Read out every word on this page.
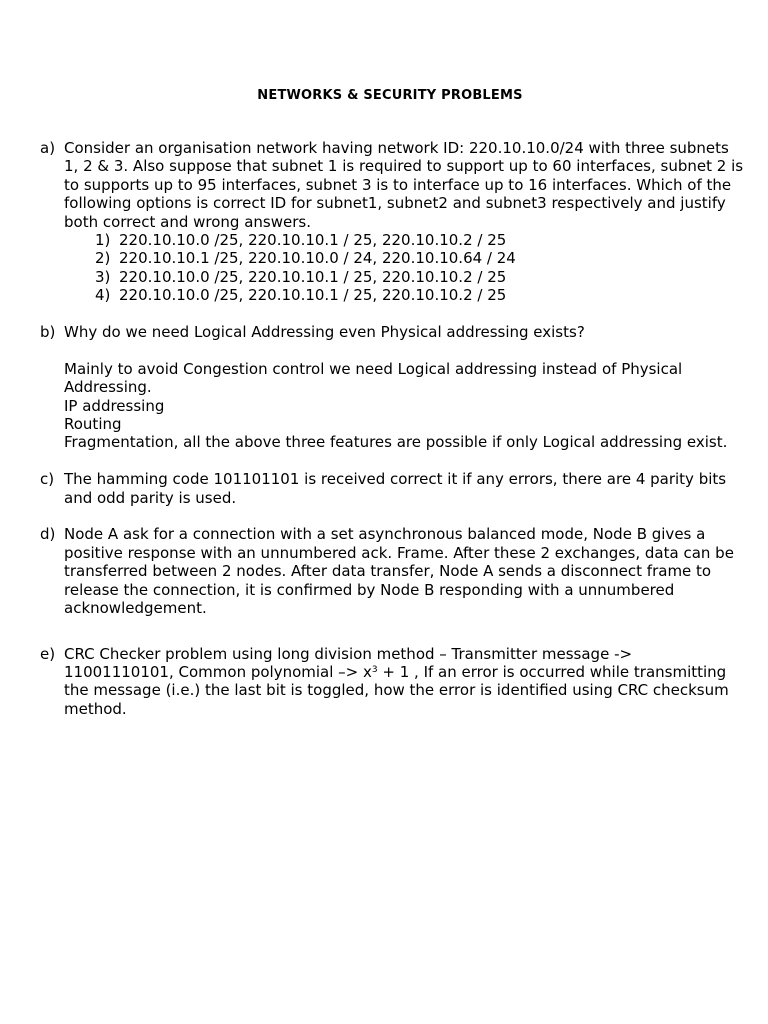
NETWORKS & SECURITY PROBLEMS
a) Consider an organisation network having network ID: 220.10.10.0/24 with three subnets 1, 2 & 3. Also suppose that subnet 1 is required to support up to 60 interfaces, subnet 2 is to supports up to 95 interfaces, subnet 3 is to interface up to 16 interfaces. Which of the following options is correct ID for subnet1, subnet2 and subnet3 respectively and justify both correct and wrong answers.

1) 220.10.10.0 /25, 220.10.10.1 / 25, 220.10.10.2 / 25
2) 220.10.10.1 /25, 220.10.10.0 / 24, 220.10.10.64 / 24
3) 220.10.10.0 /25, 220.10.10.1 / 25, 220.10.10.2 / 25
4) 220.10.10.0 /25, 220.10.10.1 / 25, 220.10.10.2 / 25
b) Why do we need Logical Addressing even Physical addressing exists?

Mainly to avoid Congestion control we need Logical addressing instead of Physical Addressing.

IP addressing

Routing

Fragmentation, all the above three features are possible if only Logical addressing exist.

c) The hamming code 101101101 is received correct it if any errors, there are 4 parity bits and odd parity is used.

d) Node A ask for a connection with a set asynchronous balanced mode, Node B gives a positive response with an unnumbered ack. Frame. After these 2 exchanges, data can be transferred between 2 nodes. After data transfer, Node A sends a disconnect frame to release the connection, it is confirmed by Node B responding with a unnumbered acknowledgement.

e) CRC Checker problem using long division method – Transmitter message -> 11001110101, Common polynomial –> $x^3 + 1$ , If an error is occurred while transmitting the message (i.e.) the last bit is toggled, how the error is identified using CRC checksum method.
